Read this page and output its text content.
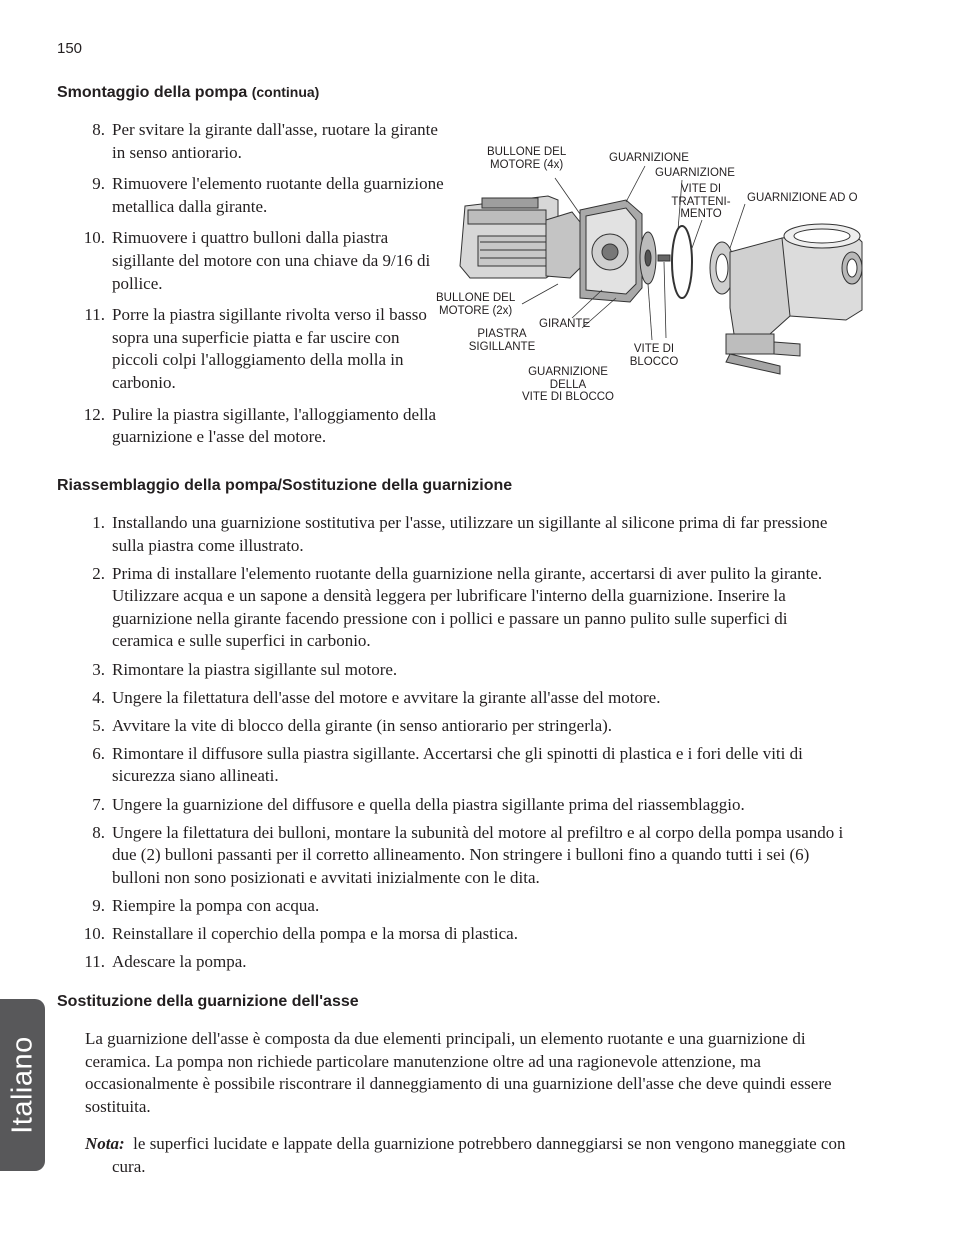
150
Smontaggio della pompa (continua)
8. Per svitare la girante dall'asse, ruotare la girante in senso antiorario.
9. Rimuovere l'elemento ruotante della guarnizione metallica dalla girante.
10. Rimuovere i quattro bulloni dalla piastra sigillante del motore con una chiave da 9/16 di pollice.
11. Porre la piastra sigillante rivolta verso il basso sopra una superficie piatta e far uscire con piccoli colpi l'alloggiamento della molla in carbonio.
12. Pulire la piastra sigillante, l'alloggiamento della guarnizione e l'asse del motore.
BULLONE DEL
MOTORE (4x)
GUARNIZIONE
GUARNIZIONE
VITE DI
TRATTENI-
MENTO
GUARNIZIONE AD O
BULLONE DEL
MOTORE (2x)
GIRANTE
PIASTRA
SIGILLANTE	VITE DI
BLOCCO
GUARNIZIONE
DELLA
VITE DI BLOCCO
Riassemblaggio della pompa/Sostituzione della guarnizione
1. Installando una guarnizione sostitutiva per l'asse, utilizzare un sigillante al silicone prima di far pressione sulla piastra come illustrato.
2. Prima di installare l'elemento ruotante della guarnizione nella girante, accertarsi di aver pulito la girante. Utilizzare acqua e un sapone a densità leggera per lubrificare l'interno della guarnizione. Inserire la guarnizione nella girante facendo pressione con i pollici e passare un panno pulito sulle superfici di ceramica e sulle superfici in carbonio.
3. Rimontare la piastra sigillante sul motore.
4. Ungere la filettatura dell'asse del motore e avvitare la girante all'asse del motore.
5. Avvitare la vite di blocco della girante (in senso antiorario per stringerla).
6. Rimontare il diffusore sulla piastra sigillante. Accertarsi che gli spinotti di plastica e i fori delle viti di sicurezza siano allineati.
7. Ungere la guarnizione del diffusore e quella della piastra sigillante prima del riassemblaggio.
8. Ungere la filettatura dei bulloni, montare la subunità del motore al prefiltro e al corpo della pompa usando i due (2) bulloni passanti per il corretto allineamento. Non stringere i bulloni fino a quando tutti i sei (6) bulloni non sono posizionati e avvitati inizialmente con le dita.
9. Riempire la pompa con acqua.
10. Reinstallare il coperchio della pompa e la morsa di plastica.
11. Adescare la pompa.
Sostituzione della guarnizione dell'asse

La guarnizione dell'asse è composta da due elementi principali, un elemento ruotante e una guarnizione di ceramica. La pompa non richiede particolare manutenzione oltre ad una ragionevole attenzione, ma occasionalmente è possibile riscontrare il danneggiamento di una guarnizione dell'asse che deve quindi essere sostituita.

Nota: le superfici lucidate e lappate della guarnizione potrebbero danneggiarsi se non vengono maneggiate con cura.

Italiano
